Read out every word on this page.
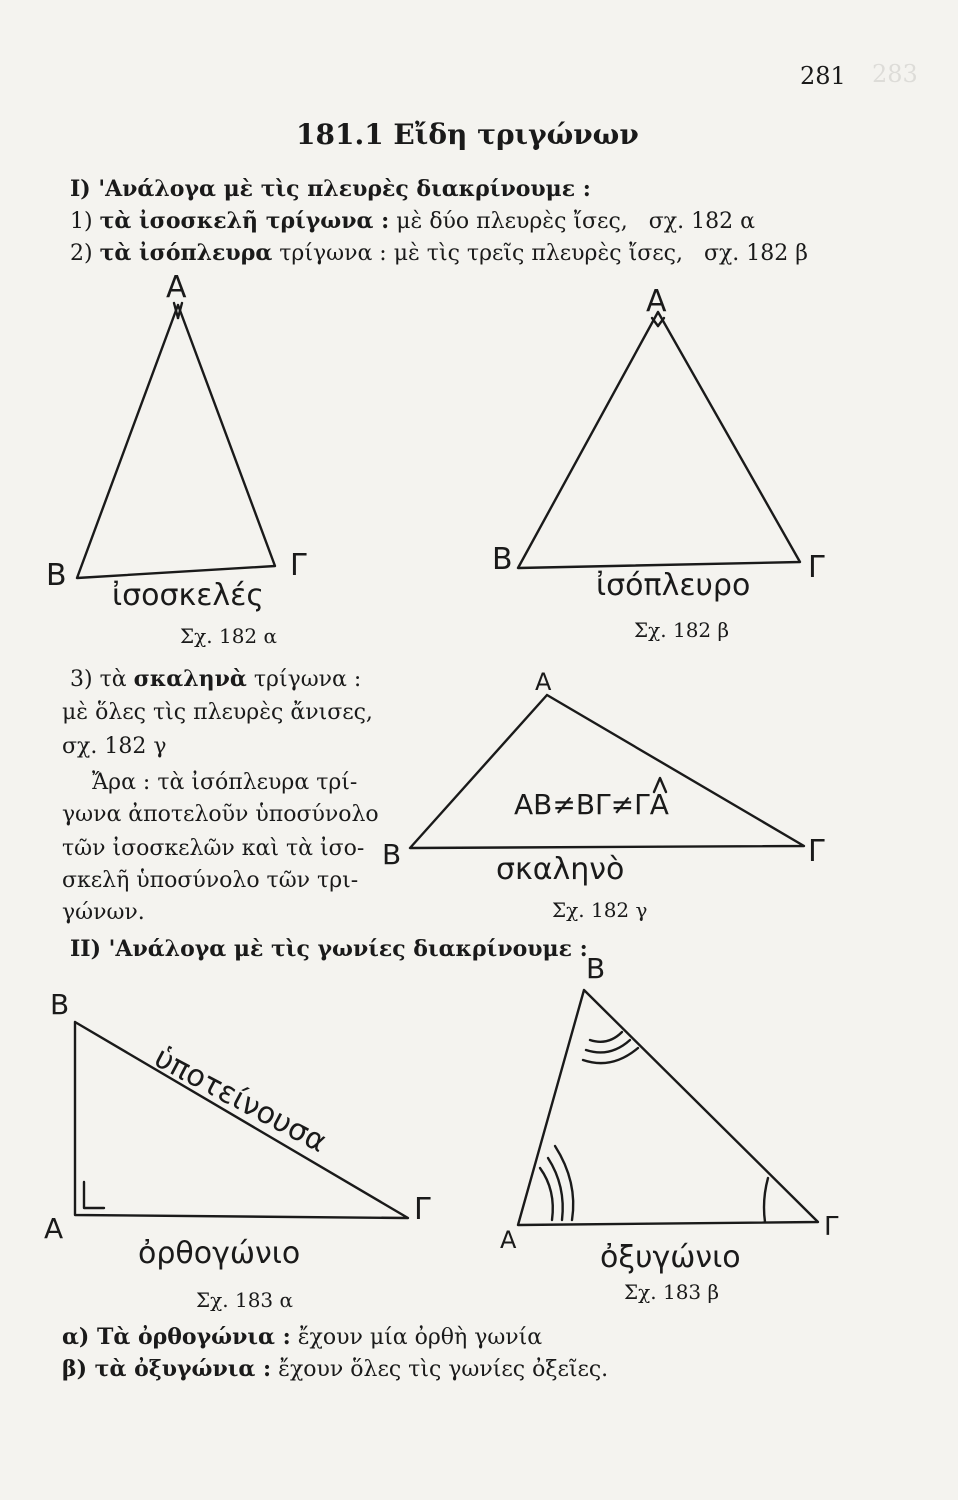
283
281
181.1 Εἴδη τριγώνων
Ι) 'Ανάλογα μὲ τὶς πλευρὲς διακρίνουμε :
1) τὰ ἰσοσκελῆ τρίγωνα : μὲ δύο πλευρὲς ἴσες, σχ. 182 α
2) τὰ ἰσόπλευρα τρίγωνα : μὲ τὶς τρεῖς πλευρὲς ἴσες, σχ. 182 β
A
B	Γ
ἰσοσκελές
Σχ. 182 α
A
B	Γ
ἰσόπλευρο
Σχ. 182 β
3) τὰ σκαληνὰ τρίγωνα :
μὲ ὅλες τὶς πλευρὲς ἄνισες,
σχ. 182 γ
Ἄρα : τὰ ἰσόπλευρα τρί-
γωνα ἀποτελοῦν ὑποσύνολο
τῶν ἰσοσκελῶν καὶ τὰ ἰσο-
σκελῆ ὑποσύνολο τῶν τρι-
γώνων.
A
B	Γ
AB≠BΓ≠ΓA
σκαληνὸ
Σχ. 182 γ
ΙΙ) 'Ανάλογα μὲ τὶς γωνίες διακρίνουμε :
B
A
Γ
ὑποτείνουσα
ὀρθογώνιο
Σχ. 183 α
B
A	Γ
ὀξυγώνιο
Σχ. 183 β
α) Τὰ ὀρθογώνια : ἔχουν μία ὀρθὴ γωνία
β) τὰ ὀξυγώνια : ἔχουν ὅλες τὶς γωνίες ὀξεῖες.
